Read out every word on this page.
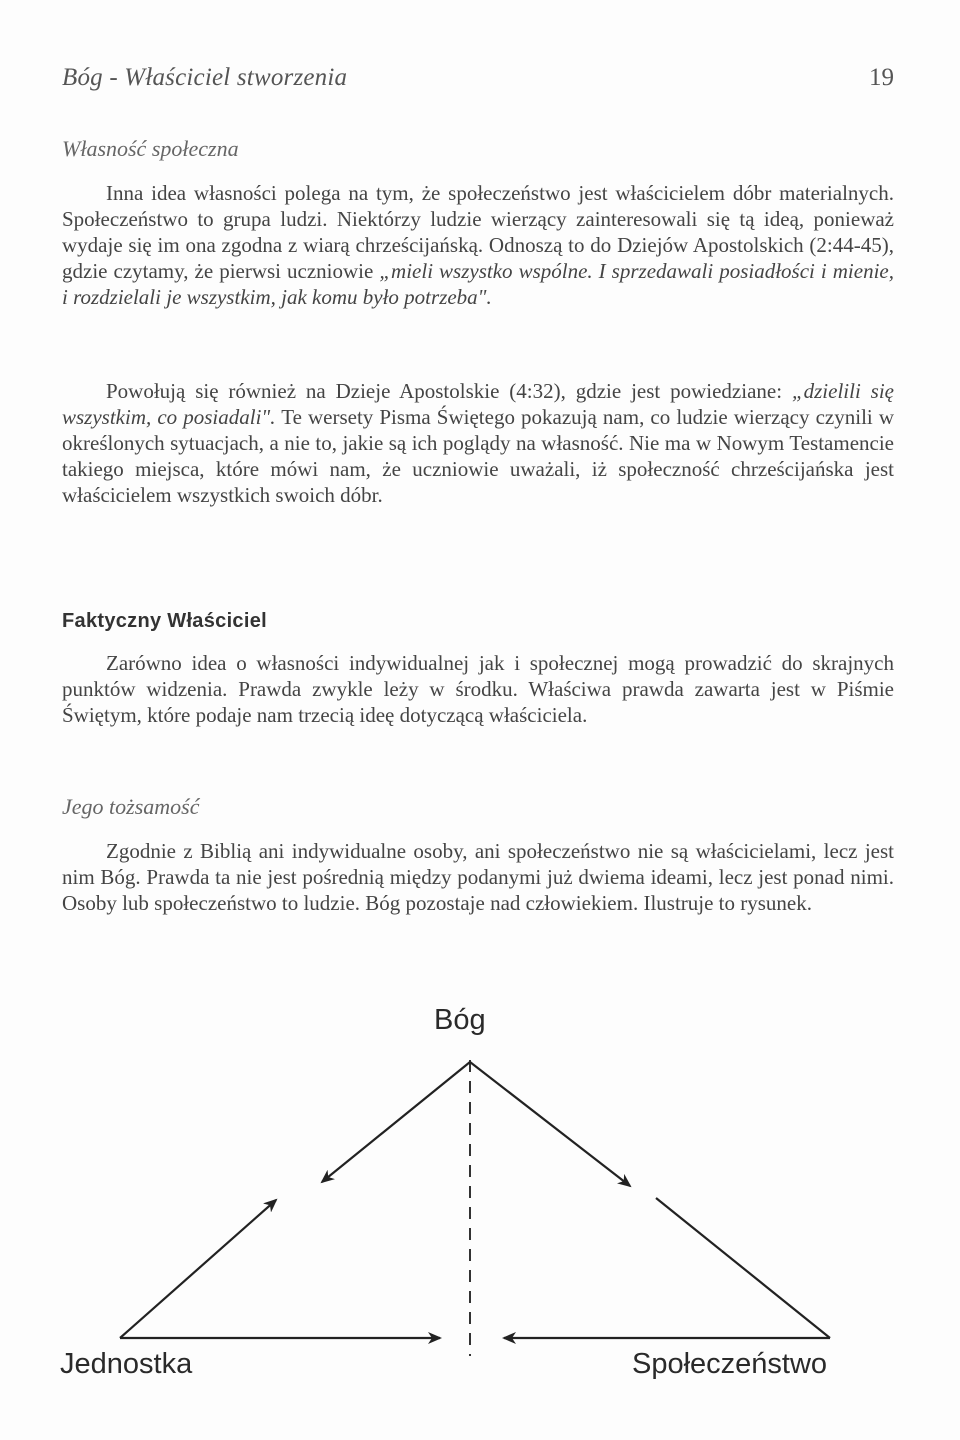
Bóg - Właściciel stworzenia	19
Własność społeczna

Inna idea własności polega na tym, że społeczeństwo jest właścicielem dóbr materialnych. Społeczeństwo to grupa ludzi. Niektórzy ludzie wierzący zainteresowali się tą ideą, ponieważ wydaje się im ona zgodna z wiarą chrześcijańską. Odnoszą to do Dziejów Apostolskich (2:44-45), gdzie czytamy, że pierwsi uczniowie „mieli wszystko wspólne. I sprzedawali posiadłości i mienie, i rozdzielali je wszystkim, jak komu było potrzeba".

Powołują się również na Dzieje Apostolskie (4:32), gdzie jest powiedziane: „dzielili się wszystkim, co posiadali". Te wersety Pisma Świętego pokazują nam, co ludzie wierzący czynili w określonych sytuacjach, a nie to, jakie są ich poglądy na własność. Nie ma w Nowym Testamencie takiego miejsca, które mówi nam, że uczniowie uważali, iż społeczność chrześcijańska jest właścicielem wszystkich swoich dóbr.

Faktyczny Właściciel

Zarówno idea o własności indywidualnej jak i społecznej mogą prowadzić do skrajnych punktów widzenia. Prawda zwykle leży w środku. Właściwa prawda zawarta jest w Piśmie Świętym, które podaje nam trzecią ideę dotyczącą właściciela.

Jego tożsamość

Zgodnie z Biblią ani indywidualne osoby, ani społeczeństwo nie są właścicielami, lecz jest nim Bóg. Prawda ta nie jest pośrednią między podanymi już dwiema ideami, lecz jest ponad nimi. Osoby lub społeczeństwo to ludzie. Bóg pozostaje nad człowiekiem. Ilustruje to rysunek.

Bóg
Jednostka	Społeczeństwo
